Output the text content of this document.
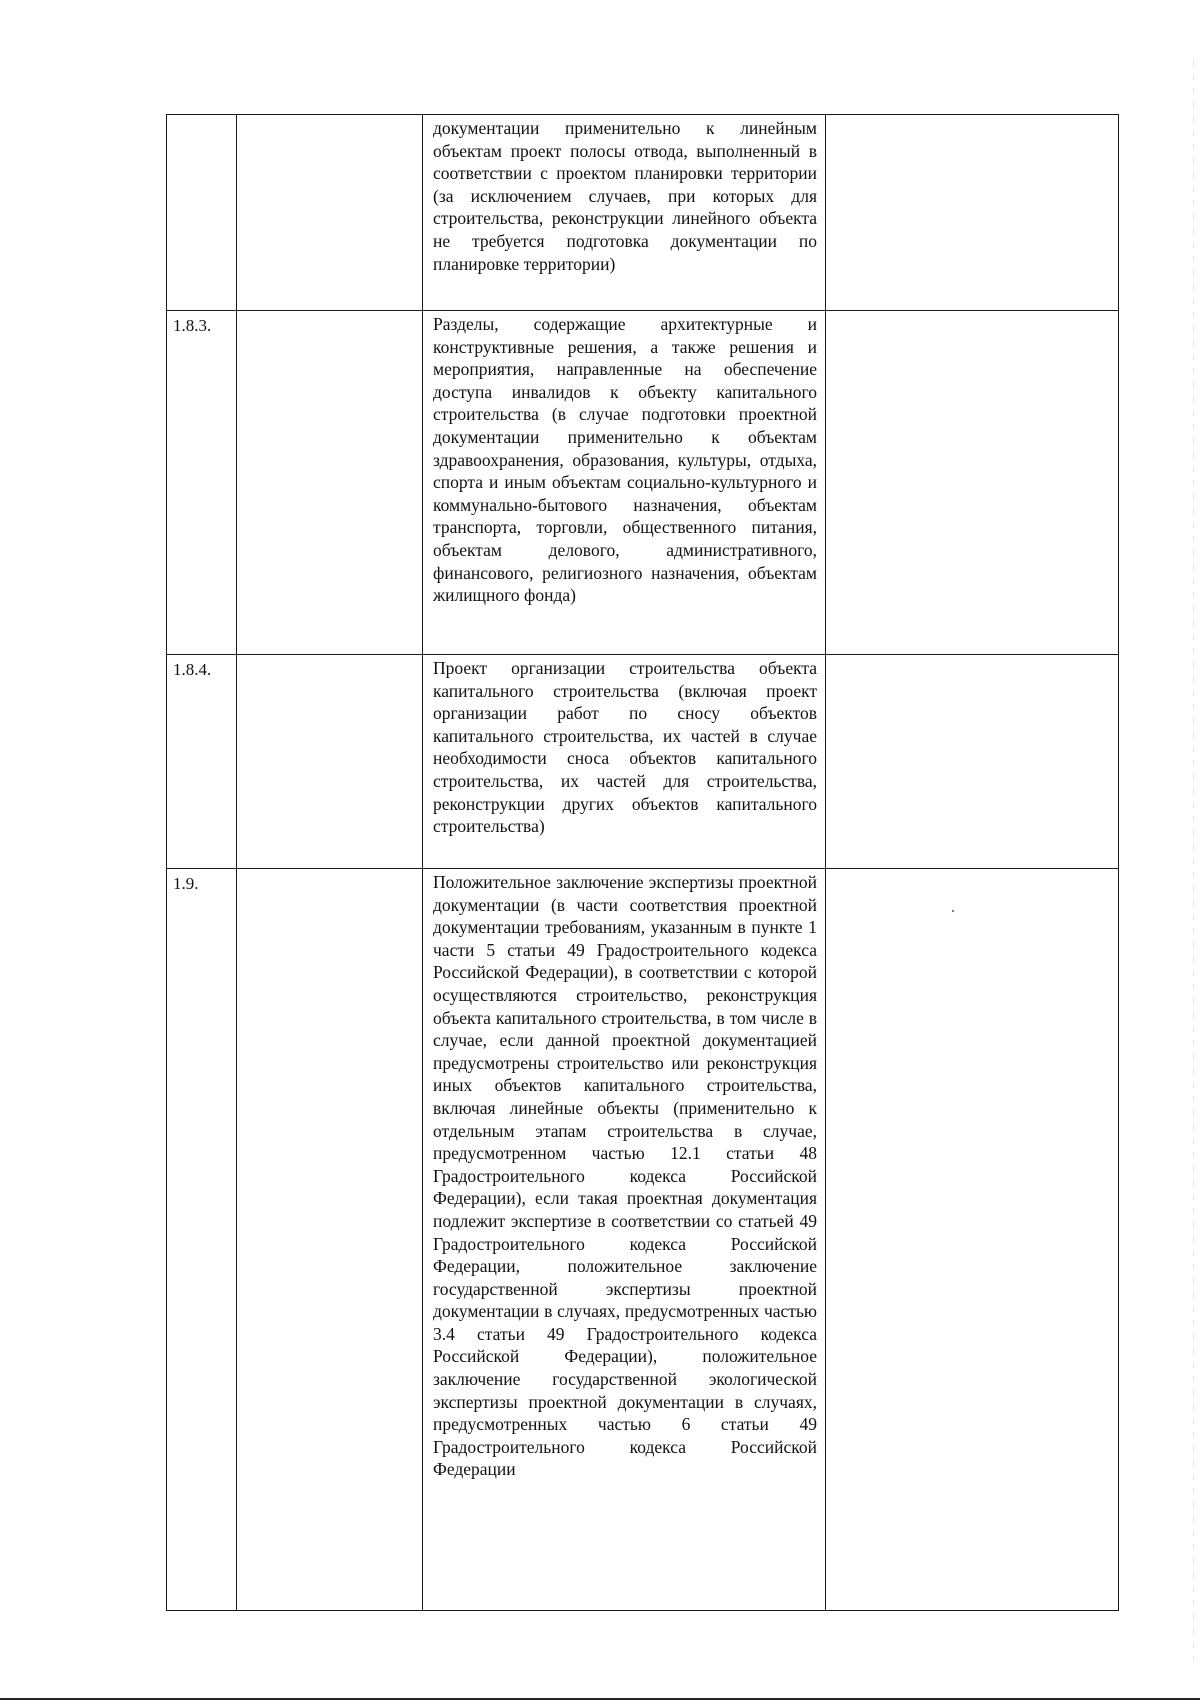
		документации применительно к линейным объектам проект полосы отвода, выполненный в соответствии с проектом планировки территории (за исключением случаев, при которых для строительства, реконструкции линейного объекта не требуется подготовка документации по планировке территории)	

1.8.3.		Разделы, содержащие архитектурные и конструктивные решения, а также решения и мероприятия, направленные на обеспечение доступа инвалидов к объекту капитального строительства (в случае подготовки проектной документации применительно к объектам здравоохранения, образования, культуры, отдыха, спорта и иным объектам социально-культурного и коммунально-бытового назначения, объектам транспорта, торговли, общественного питания, объектам делового, административного, финансового, религиозного назначения, объектам жилищного фонда)	

1.8.4.		Проект организации строительства объекта капитального строительства (включая проект организации работ по сносу объектов капитального строительства, их частей в случае необходимости сноса объектов капитального строительства, их частей для строительства, реконструкции других объектов капитального строительства)	

1.9.		Положительное заключение экспертизы проектной документации (в части соответствия проектной документации требованиям, указанным в пункте 1 части 5 статьи 49 Градостроительного кодекса Российской Федерации), в соответствии с которой осуществляются строительство, реконструкция объекта капитального строительства, в том числе в случае, если данной проектной документацией предусмотрены строительство или реконструкция иных объектов капитального строительства, включая линейные объекты (применительно к отдельным этапам строительства в случае, предусмотренном частью 12.1 статьи 48 Градостроительного кодекса Российской Федерации), если такая проектная документация подлежит экспертизе в соответствии со статьей 49 Градостроительного кодекса Российской Федерации, положительное заключение государственной экспертизы проектной документации в случаях, предусмотренных частью 3.4 статьи 49 Градостроительного кодекса Российской Федерации), положительное заключение государственной экологической экспертизы проектной документации в случаях, предусмотренных частью 6 статьи 49 Градостроительного кодекса Российской Федерации	
